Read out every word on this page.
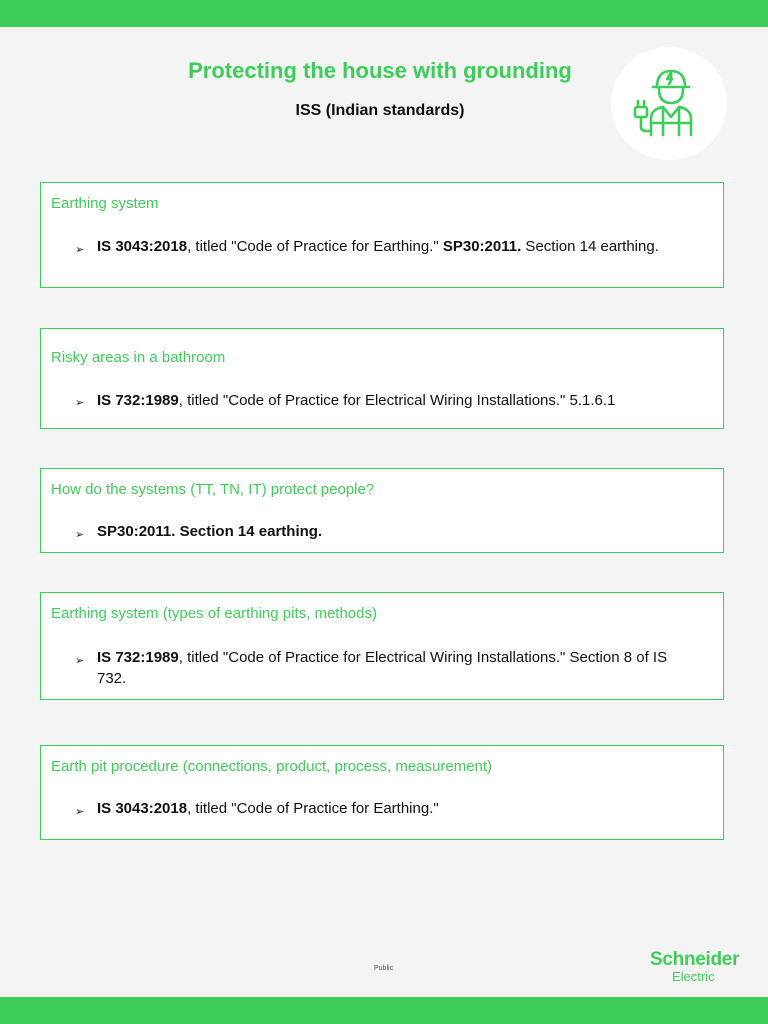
Protecting the house with grounding
ISS (Indian standards)
Earthing system
➢ IS 3043:2018, titled "Code of Practice for Earthing." SP30:2011. Section 14 earthing.
Risky areas in a bathroom
➢ IS 732:1989, titled "Code of Practice for Electrical Wiring Installations." 5.1.6.1
How do the systems (TT, TN, IT) protect people?
➢ SP30:2011. Section 14 earthing.
Earthing system (types of earthing pits, methods)
➢ IS 732:1989, titled "Code of Practice for Electrical Wiring Installations." Section 8 of IS 732.
Earth pit procedure (connections, product, process, measurement)
➢ IS 3043:2018, titled "Code of Practice for Earthing."
Public	Schneider
Electric
